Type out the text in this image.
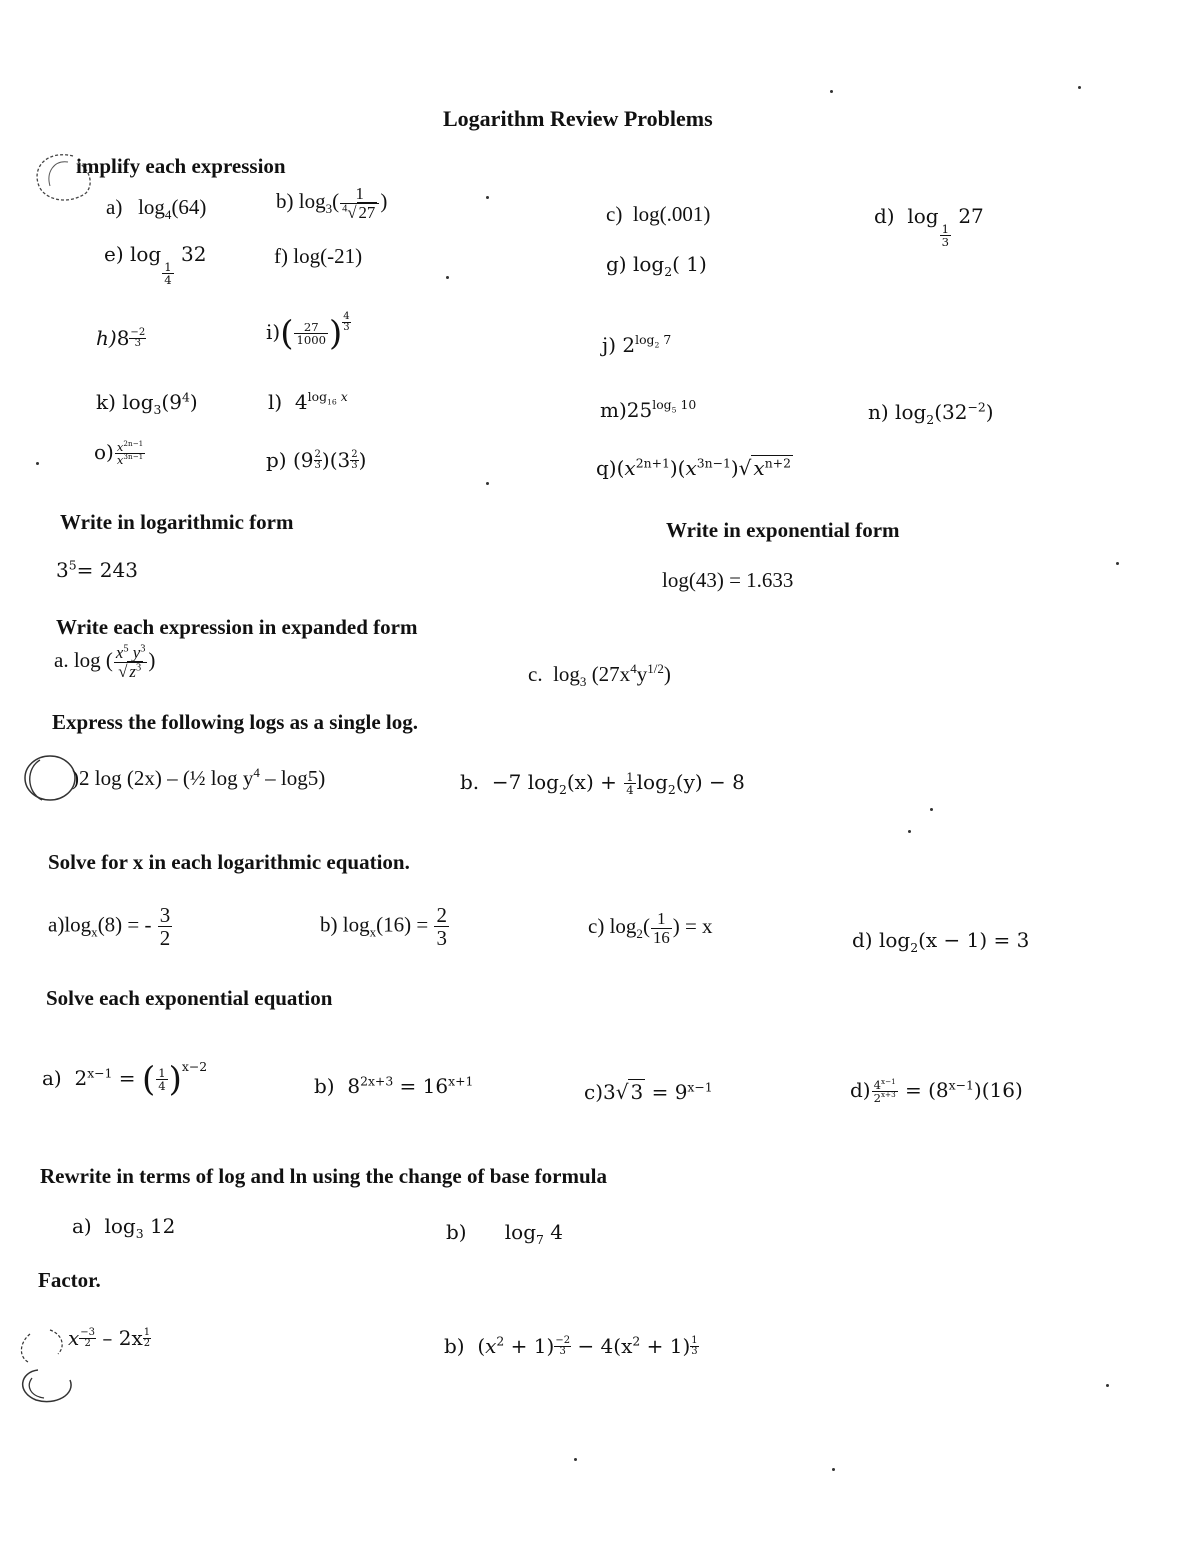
Logarithm Review Problems
implify each expression
a)   $\log_4(64)$	b) $\log_3( \frac{1}{^4√ 27}$ )
c) log(.001)	d)  log
$\frac{1}{3}$
27
e) log
$\frac{1}{4}$
32	f) log(-21)	g) $\log_2$( 1)
$h)8 \frac{-2}{3}$	$i)( \frac{27}{1000}$ ) $\frac{4}{3}$
j) $2^{log_2 7}$
k) $\log_3(9^4)$	l) $4^{log_{16} x}$
$m)25^{log_5 10}$	n) $\log_2(32^{-2})$
$o) \frac{x^{2n-1}}{x^{3n-1}}$	p) $(9 \frac{2}{3} )(3 \frac{2}{3}$ )	$q)(x^{2n+1})(x^{3n-1})√$ $x^{n+2}$
Write in logarithmic form
$3^5= 243$
Write in exponential form
log(43) = 1.633
Write each expression in expanded form
a. log ( $\frac{x^5 y^3}{√ z^3}$ )
c.  $\log_3 (27x^4y^{1/2})$
Express the following logs as a single log.
)2 log (2x) – (½ $\log y^4 - \log 5$)	b. −7 $\log_2(x) + \frac{1}{4} \log_2(y) - 8$
Solve for x in each logarithmic equation.
$a)\log_x(8)$ = - $\frac{3}{2}$	b) $\log_x(16) = \frac{2}{3}$	c) $\log_2( \frac{1}{16}$ ) = x
d) $\log_2(x - 1) = 3$
Solve each exponential equation
a)  $2^{x-1}$ = ( $\frac{1}{4} )^{x-2}$
b)  $8^{2x+3} = 16^{x+1}$	c)3√ $3 = 9^{x-1}$	$d) \frac{4^{x-1}}{2^{x+3}} = (8^{x-1})(16)$
Rewrite in terms of log and ln using the change of base formula
a)  $\log_3 12$	b)      $\log_7 4$
Factor.
x $\frac{-3}{2} - 2x \frac{1}{2}$	b)  $(x^2 + 1) \frac{-2}{3} - 4(x^2 + 1) \frac{1}{3}$
